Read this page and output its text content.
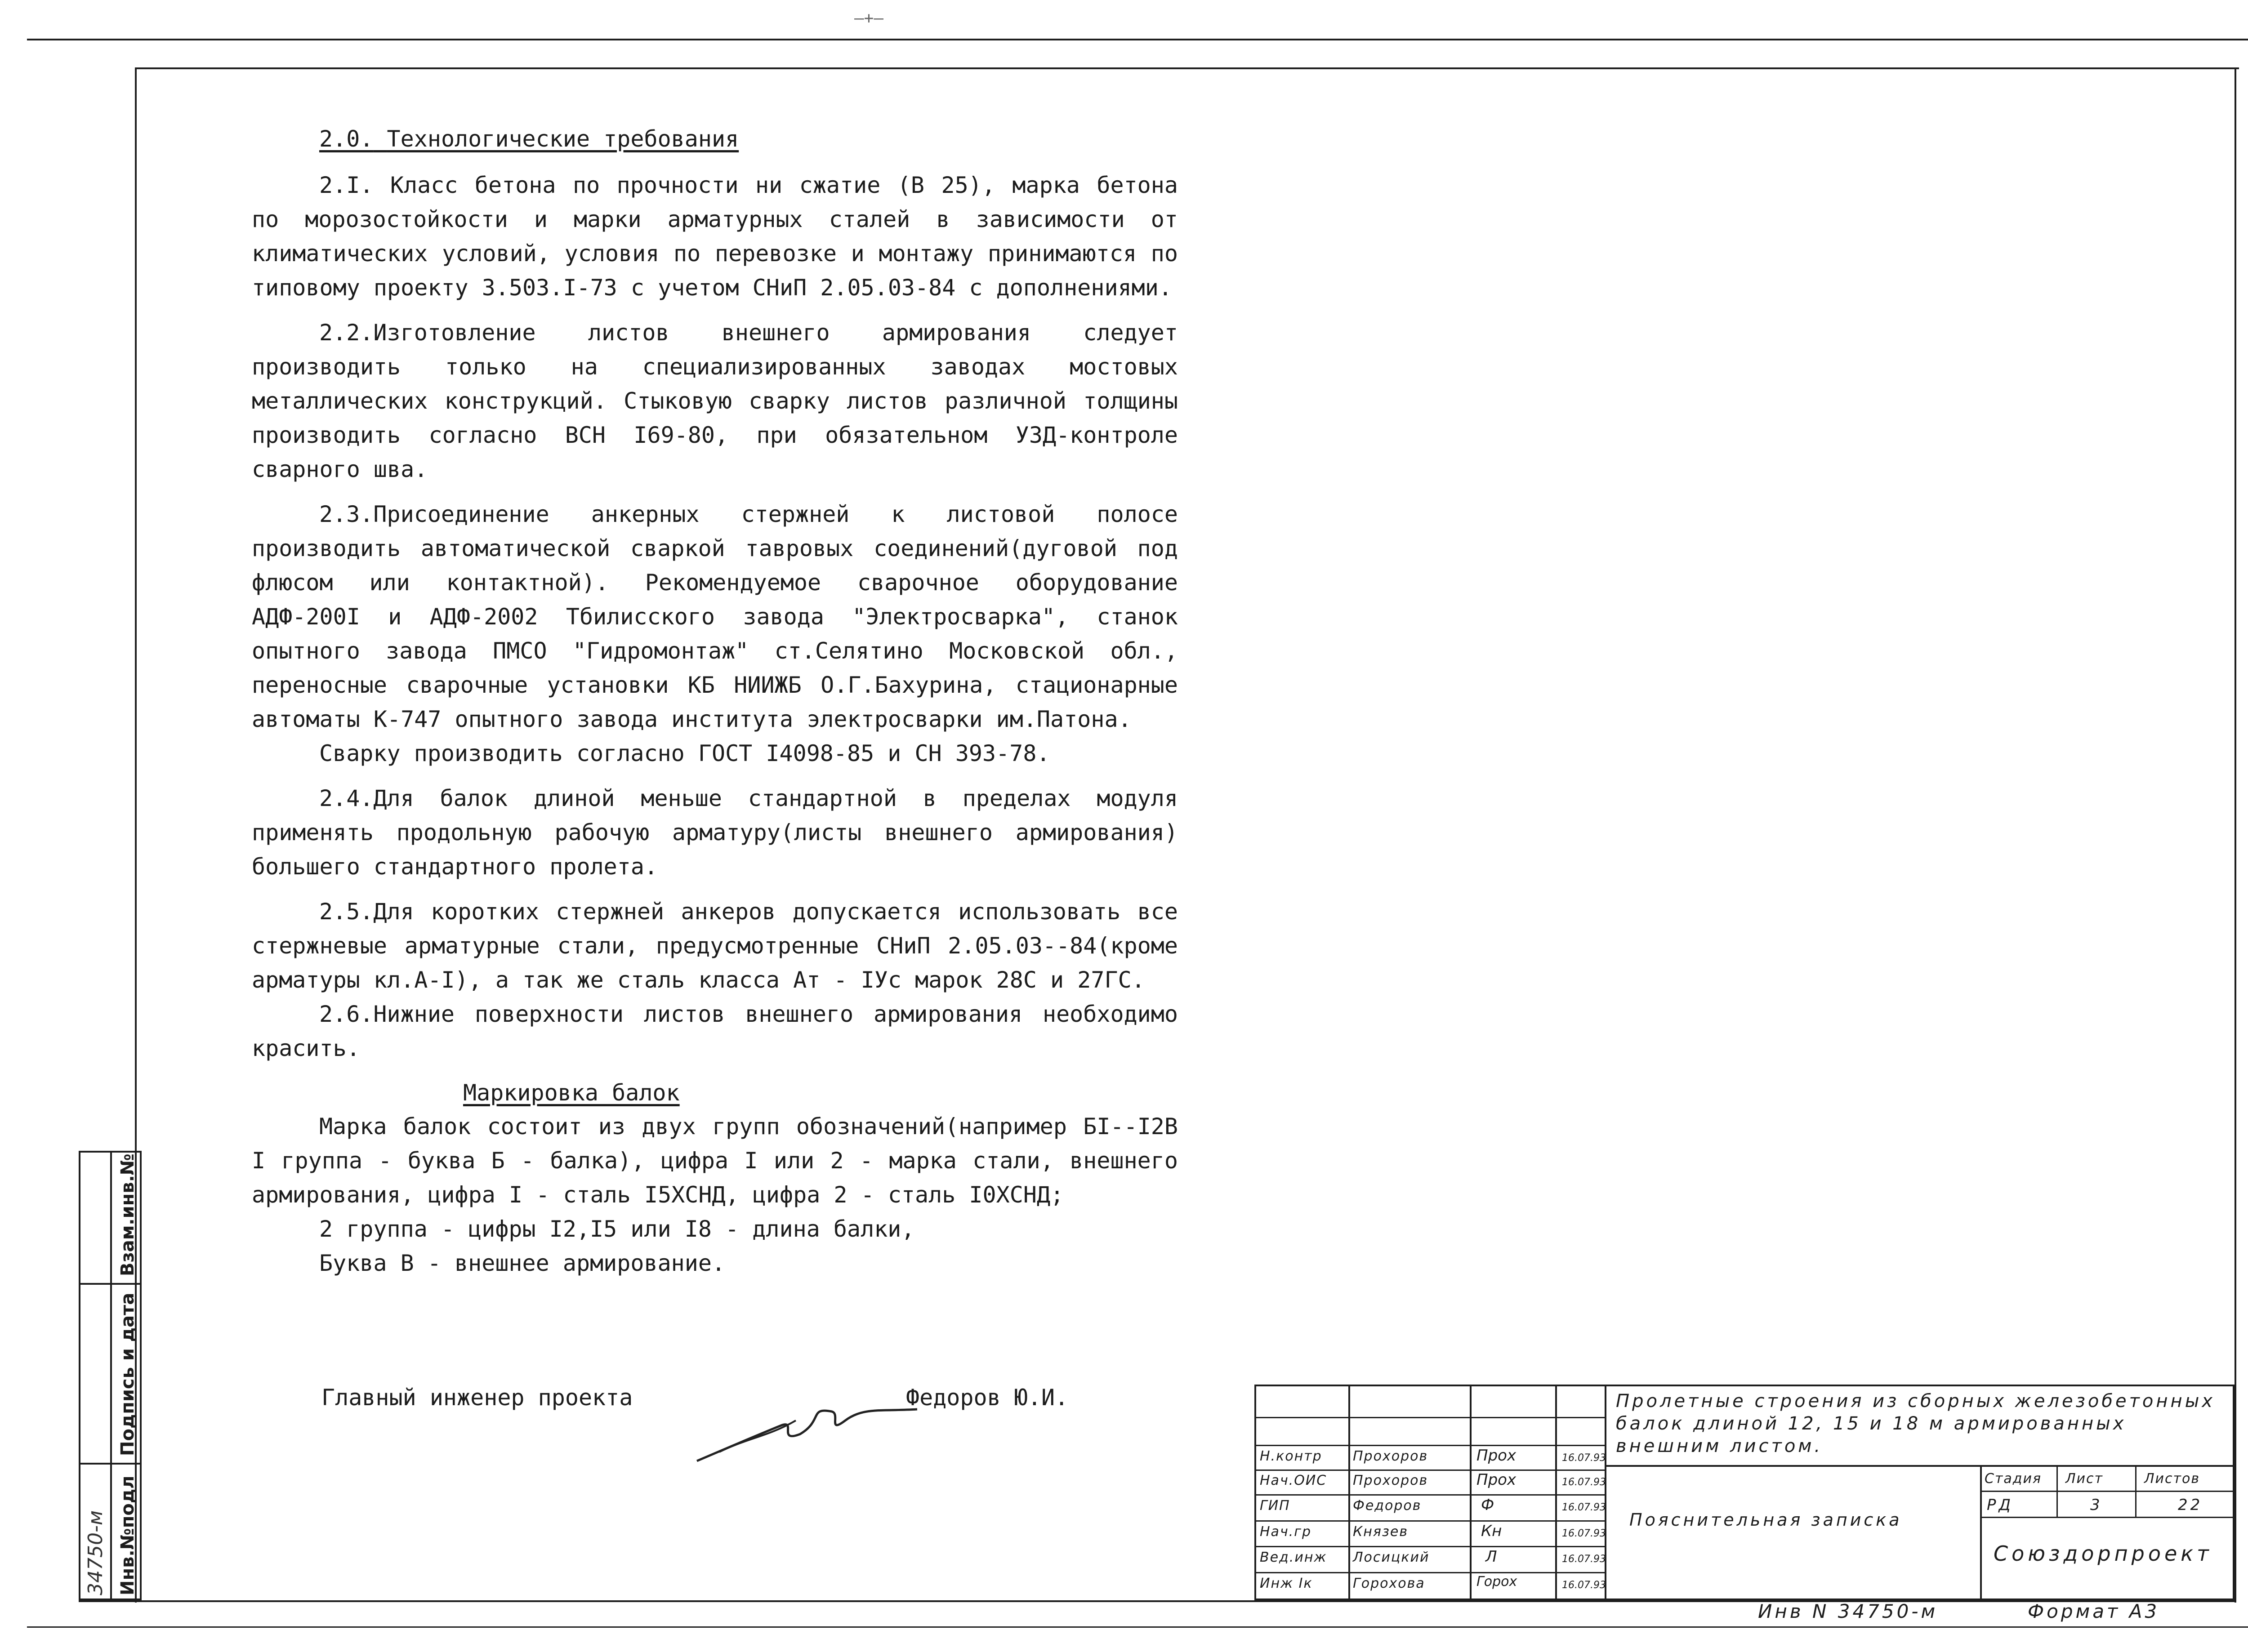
—+—
2.0. Технологические требования

2.I. Класс бетона по прочности ни сжатие (В 25), марка бетона по морозостойкости и марки арматурных сталей в зависимости от климатических условий, условия по перевозке и монтажу принимаются по типовому проекту 3.503.I-73 с учетом СНиП 2.05.03-84 с дополнениями.

2.2.Изготовление листов внешнего армирования следует производить только на специализированных заводах мостовых металлических конструкций. Стыковую сварку листов различной толщины производить согласно ВСН I69-80, при обязательном УЗД-контроле сварного шва.

2.3.Присоединение анкерных стержней к листовой полосе производить автоматической сваркой тавровых соединений(дуговой под флюсом или контактной). Рекомендуемое сварочное оборудование АДФ-200I и АДФ-2002 Тбилисского завода "Электросварка", станок опытного завода ПМСО "Гидромонтаж" ст.Селятино Московской обл., переносные сварочные установки КБ НИИЖБ О.Г.Бахурина, стационарные автоматы К-747 опытного завода института электросварки им.Патона.

Сварку производить согласно ГОСТ I4098-85 и СН 393-78.

2.4.Для балок длиной меньше стандартной в пределах модуля применять продольную рабочую арматуру(листы внешнего армирования) большего стандартного пролета.

2.5.Для коротких стержней анкеров допускается использовать все стержневые арматурные стали, предусмотренные СНиП 2.05.03--84(кроме арматуры кл.А-I), а так же сталь класса Ат - IУс марок 28С и 27ГС.

2.6.Нижние поверхности листов внешнего армирования необходимо красить.

Маркировка балок

Марка балок состоит из двух групп обозначений(например БI--I2В I группа - буква Б - балка), цифра I или 2 - марка стали, внешнего армирования, цифра I - сталь I5ХСНД, цифра 2 - сталь I0ХСНД;

2 группа - цифры I2,I5 или I8 - длина балки,

Буква В - внешнее армирование.

Главный инженер проекта	Федоров Ю.И.
Взам.инв.№
Подпись и дата
Инв.№подл
34750-м
Пролетные строения из сборных железобетонных балок длиной 12, 15 и 18 м армированных внешним листом.
Н.контр Прохоров	Прох	16.07.93
Нач.ОИС Прохоров	Прох	16.07.93
ГИП	Федоров	Ф	16.07.93
Нач.гр	Князев	Кн	16.07.93
Вед.инж Лосицкий	Л	16.07.93
Инж Iк	Горохова	Горох	16.07.93
Пояснительная записка
Стадия Лист	Листов
РД	3	22
Союздорпроект
Инв N 34750-м	Формат А3
